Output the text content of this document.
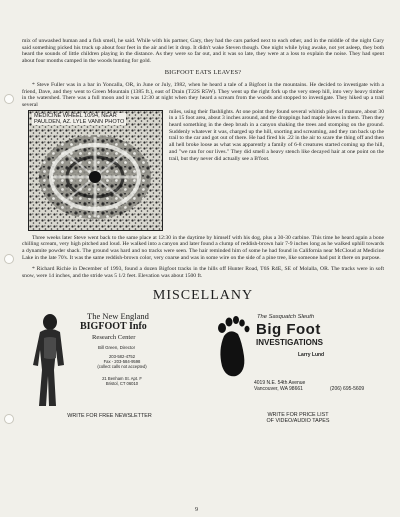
mix of unwashed human and a fish smell, he said. While with his partner, Gary, they had the cars parked next to each other, and in the middle of the night Gary said something picked his truck up about four feet in the air and let it drop. It didn't wake Steven though. One night while lying awake, not yet asleep, they both heard the sounds of little children playing in the distance. As they were so far out, and it was so late, they were at a loss to explain the noise. They had spent about four months camped in the woods hunting for gold.

BIGFOOT EATS LEAVES?

* Steve Fuller was in a bar in Yoncalla, OR, in June or July, 1982, when he heard a tale of a Bigfoot in the mountains. He decided to investigate with a friend, Dave, and they went to Green Mountain (1385 ft.), east of Drain (T22S R5W). They went up the right fork up the very steep hill, into very heavy timber in the watershed. There was a full moon and it was 12:30 at night when they heard a scream from the woods and stopped to investigate. They hiked up a trail several

MEDICINE WHEEL 10/94, NEAR
PAULDEN, AZ. LYLE VANN PHOTO

miles, using their flashlights. At one point they found several whitish piles of manure, about 30 in a 15 foot area, about 3 inches around, and the droppings had maple leaves in them. Then they heard something in the deep brush in a canyon shaking the trees and stomping on the ground. Suddenly whatever it was, charged up the hill, snorting and screaming, and they ran back up the trail to the car and got out of there. He had fired his .22 in the air to scare the thing off and then all hell broke loose as what was apparently a family of 6-8 creatures started coming up the hill, and "we ran for our lives." They did smell a heavy stench like decayed hair at one point on the trail, but they never did actually see a B'foot.

Three weeks later Steve went back to the same place at 12:30 in the daytime by himself with his dog, plus a 30-30 carbine. This time he heard again a bone chilling scream, very high pitched and loud. He walked into a canyon and later found a clump of reddish-brown hair 7-9 inches long as he walked uphill towards a dynamite powder shack. The ground was hard and no tracks were seen. The hair reminded him of some he had found in California near McCloud at Medicine Lake in the late 70's. It was the same reddish-brown color, very coarse and was in some wire on the side of a pine tree, like someone had put it there on purpose.

* Richard Richie in December of 1993, found a dozen Bigfoot tracks in the hills off Hunter Road, T6S R4E, SE of Molalla, OR. The tracks were in soft snow, were 14 inches, and the stride was 5 1/2 feet. Elevation was about 1500 ft.

MISCELLANY
The New England
BIGFOOT Info
Research Center
Bill Green, Director
203-582-4752
Fax - 203-584-9598
(collect calls not accepted)
21 Benham St. Apt. F
Bristol, CT 06010
WRITE FOR FREE NEWSLETTER
The Sasquatch Sleuth
Big Foot
INVESTIGATIONS
Larry Lund
4019 N.E. 54th Avenue
Vancouver, WA 98661	(206) 695-5609
WRITE FOR PRICE LIST
OF VIDEO/AUDIO TAPES
9
